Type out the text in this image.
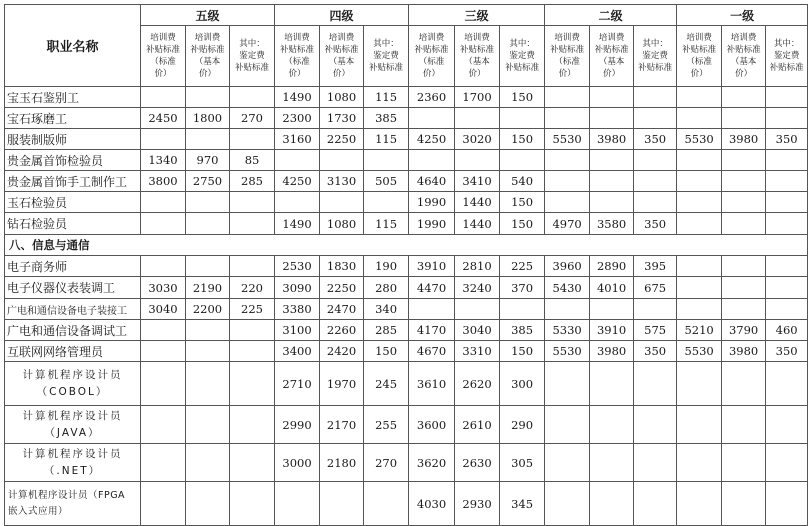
职业名称	五级			四级			三级			二级			一级		
	培训费
补贴标准
（标准
价）	培训费
补贴标准
（基本
价）	其中：
鉴定费
补贴标准	培训费
补贴标准
（标准
价）	培训费
补贴标准
（基本
价）	其中：
鉴定费
补贴标准	培训费
补贴标准
（标准
价）	培训费
补贴标准
（基本
价）	其中：
鉴定费
补贴标准	培训费
补贴标准
（标准
价）	培训费
补贴标准
（基本
价）	其中：
鉴定费
补贴标准	培训费
补贴标准
（标准
价）	培训费
补贴标准
（基本
价）	其中：
鉴定费
补贴标准
宝玉石鉴别工				1490	1080	115	2360	1700	150						
宝石琢磨工	2450	1800	270	2300	1730	385									
服装制版师				3160	2250	115	4250	3020	150	5530	3980	350	5530	3980	350
贵金属首饰检验员	1340	970	85												
贵金属首饰手工制作工	3800	2750	285	4250	3130	505	4640	3410	540						
玉石检验员							1990	1440	150						
钻石检验员				1490	1080	115	1990	1440	150	4970	3580	350			
八、信息与通信															
电子商务师				2530	1830	190	3910	2810	225	3960	2890	395			
电子仪器仪表装调工	3030	2190	220	3090	2250	280	4470	3240	370	5430	4010	675			
广电和通信设备电子装接工	3040	2200	225	3380	2470	340									
广电和通信设备调试工				3100	2260	285	4170	3040	385	5330	3910	575	5210	3790	460
互联网网络管理员				3400	2420	150	4670	3310	150	5530	3980	350	5530	3980	350
计算机程序设计员
（COBOL）				2710	1970	245	3610	2620	300						
计算机程序设计员
（JAVA）				2990	2170	255	3600	2610	290						
计算机程序设计员
（.NET）				3000	2180	270	3620	2630	305						
计算机程序设计员（FPGA
嵌入式应用）							4030	2930	345						
